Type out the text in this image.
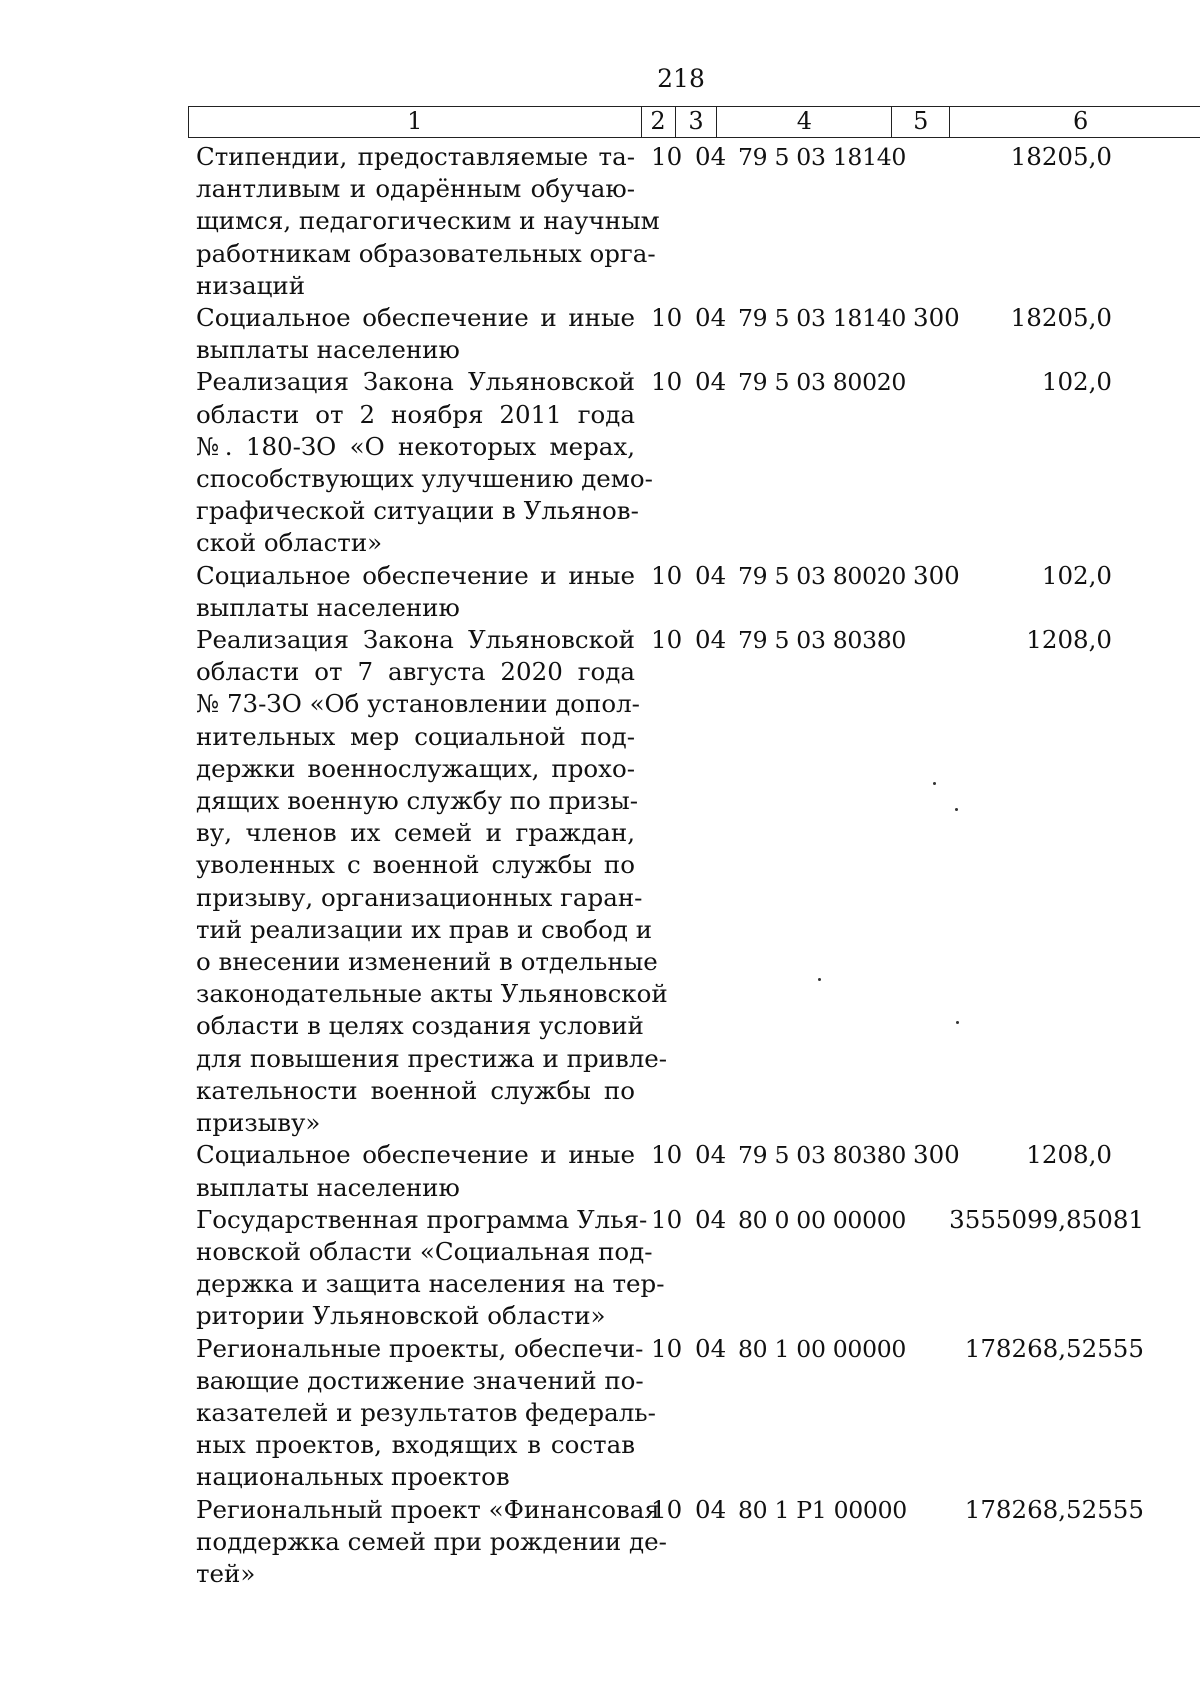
218
1	2 3	4	5	6
Стипендии, предоставляемые та-
лантливым и одарённым обучаю-
щимся, педагогическим и научным
работникам образовательных орга-
низаций
10 04 79 5 03 18140	18205,0
Социальное обеспечение и иные
выплаты населению
10 04 79 5 03 18140 300 18205,0
Реализация Закона Ульяновской
области от 2 ноября 2011 года
№. 180-ЗО «О некоторых мерах,
способствующих улучшению демо-
графической ситуации в Ульянов-
ской области»
10 04 79 5 03 80020	102,0
Социальное обеспечение и иные
выплаты населению
10 04 79 5 03 80020 300	102,0
Реализация Закона Ульяновской
области от 7 августа 2020 года
№ 73-ЗО «Об установлении допол-
нительных мер социальной под-
держки военнослужащих, прохо-
дящих военную службу по призы-
ву, членов их семей и граждан,
уволенных с военной службы по
призыву, организационных гаран-
тий реализации их прав и свобод и
о внесении изменений в отдельные
законодательные акты Ульяновской
области в целях создания условий
для повышения престижа и привле-
кательности военной службы по
призыву»
10 04 79 5 03 80380	1208,0
Социальное обеспечение и иные
выплаты населению
10 04 79 5 03 80380 300	1208,0
Государственная программа Улья-
новской области «Социальная под-
держка и защита населения на тер-
ритории Ульяновской области»
10 04 80 0 00 00000 3555099,85081
Региональные проекты, обеспечи-
вающие достижение значений по-
казателей и результатов федераль-
ных проектов, входящих в состав
национальных проектов
10 04 80 1 00 00000 178268,52555
Региональный проект «Финансовая
поддержка семей при рождении де-
тей»
10 04 80 1 P1 00000 178268,52555
